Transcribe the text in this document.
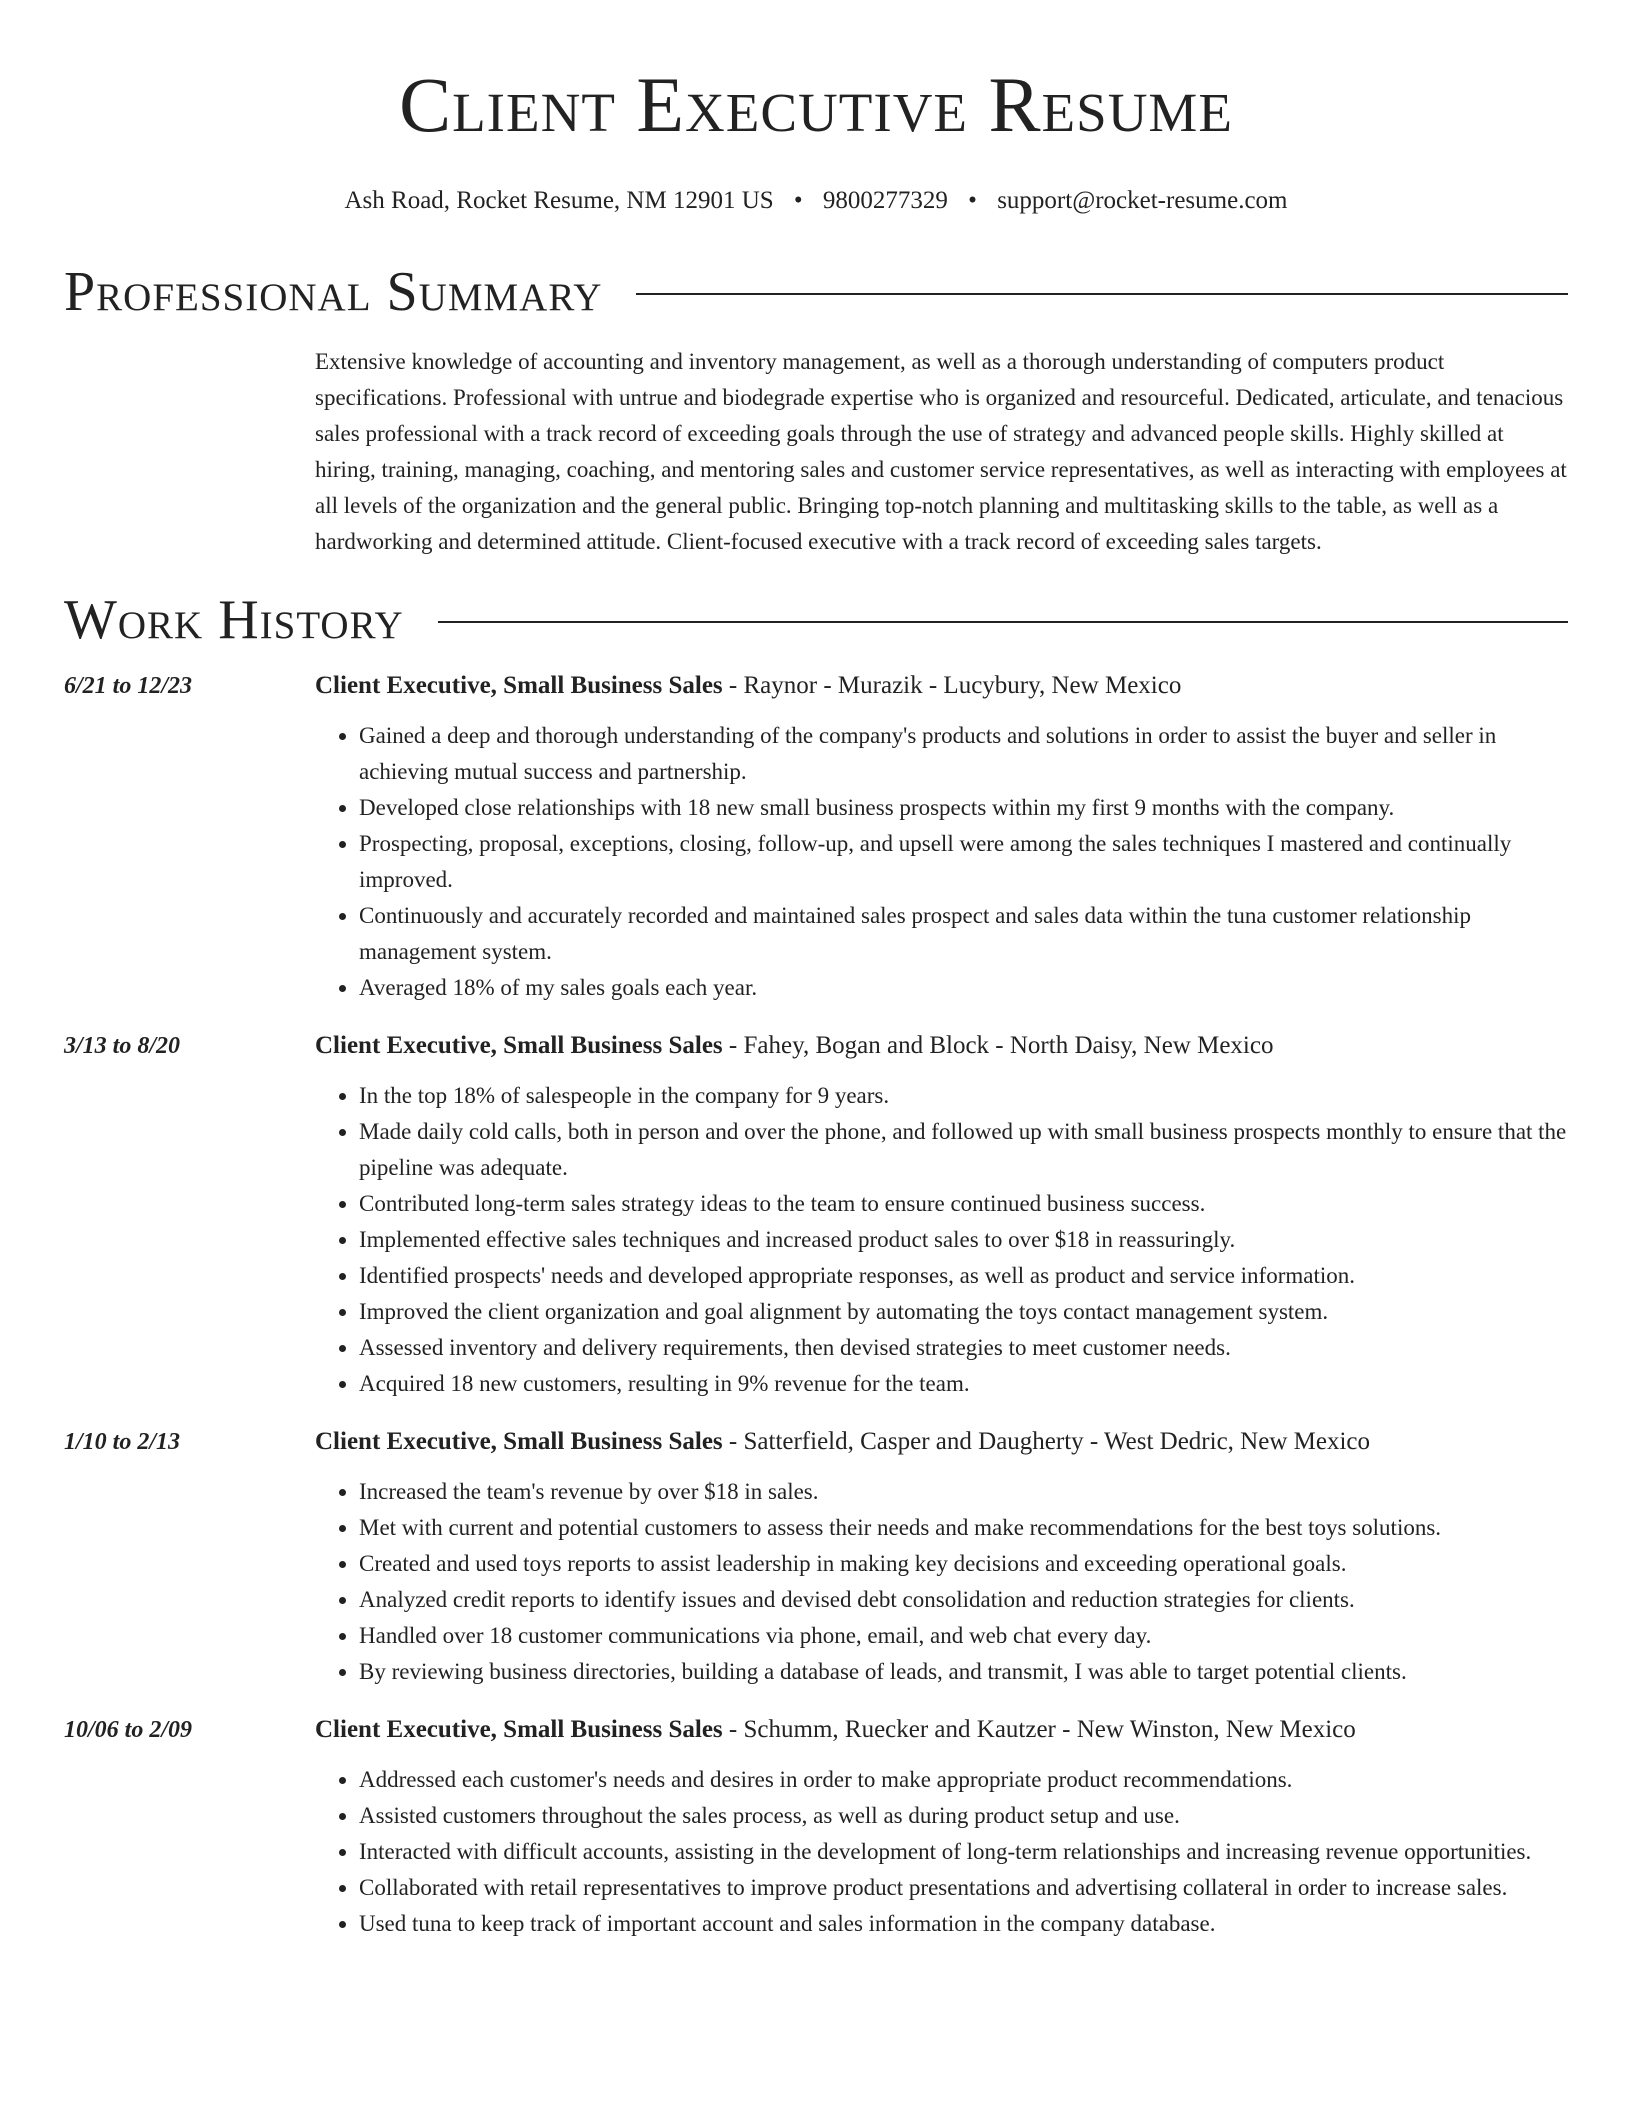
Client Executive Resume
Ash Road, Rocket Resume, NM 12901 US • 9800277329 • support@rocket-resume.com
Professional Summary
Extensive knowledge of accounting and inventory management, as well as a thorough understanding of computers product specifications. Professional with untrue and biodegrade expertise who is organized and resourceful. Dedicated, articulate, and tenacious sales professional with a track record of exceeding goals through the use of strategy and advanced people skills. Highly skilled at hiring, training, managing, coaching, and mentoring sales and customer service representatives, as well as interacting with employees at all levels of the organization and the general public. Bringing top-notch planning and multitasking skills to the table, as well as a hardworking and determined attitude. Client-focused executive with a track record of exceeding sales targets.
Work History
6/21 to 12/23	Client Executive, Small Business Sales - Raynor - Murazik - Lucybury, New Mexico
• Gained a deep and thorough understanding of the company's products and solutions in order to assist the buyer and seller in achieving mutual success and partnership.
• Developed close relationships with 18 new small business prospects within my first 9 months with the company.
• Prospecting, proposal, exceptions, closing, follow-up, and upsell were among the sales techniques I mastered and continually improved.
• Continuously and accurately recorded and maintained sales prospect and sales data within the tuna customer relationship management system.
• Averaged 18% of my sales goals each year.
3/13 to 8/20	Client Executive, Small Business Sales - Fahey, Bogan and Block - North Daisy, New Mexico
• In the top 18% of salespeople in the company for 9 years.
• Made daily cold calls, both in person and over the phone, and followed up with small business prospects monthly to ensure that the pipeline was adequate.
• Contributed long-term sales strategy ideas to the team to ensure continued business success.
• Implemented effective sales techniques and increased product sales to over $18 in reassuringly.
• Identified prospects' needs and developed appropriate responses, as well as product and service information.
• Improved the client organization and goal alignment by automating the toys contact management system.
• Assessed inventory and delivery requirements, then devised strategies to meet customer needs.
• Acquired 18 new customers, resulting in 9% revenue for the team.
1/10 to 2/13	Client Executive, Small Business Sales - Satterfield, Casper and Daugherty - West Dedric, New Mexico
• Increased the team's revenue by over $18 in sales.
• Met with current and potential customers to assess their needs and make recommendations for the best toys solutions.
• Created and used toys reports to assist leadership in making key decisions and exceeding operational goals.
• Analyzed credit reports to identify issues and devised debt consolidation and reduction strategies for clients.
• Handled over 18 customer communications via phone, email, and web chat every day.
• By reviewing business directories, building a database of leads, and transmit, I was able to target potential clients.
10/06 to 2/09	Client Executive, Small Business Sales - Schumm, Ruecker and Kautzer - New Winston, New Mexico
• Addressed each customer's needs and desires in order to make appropriate product recommendations.
• Assisted customers throughout the sales process, as well as during product setup and use.
• Interacted with difficult accounts, assisting in the development of long-term relationships and increasing revenue opportunities.
• Collaborated with retail representatives to improve product presentations and advertising collateral in order to increase sales.
• Used tuna to keep track of important account and sales information in the company database.
